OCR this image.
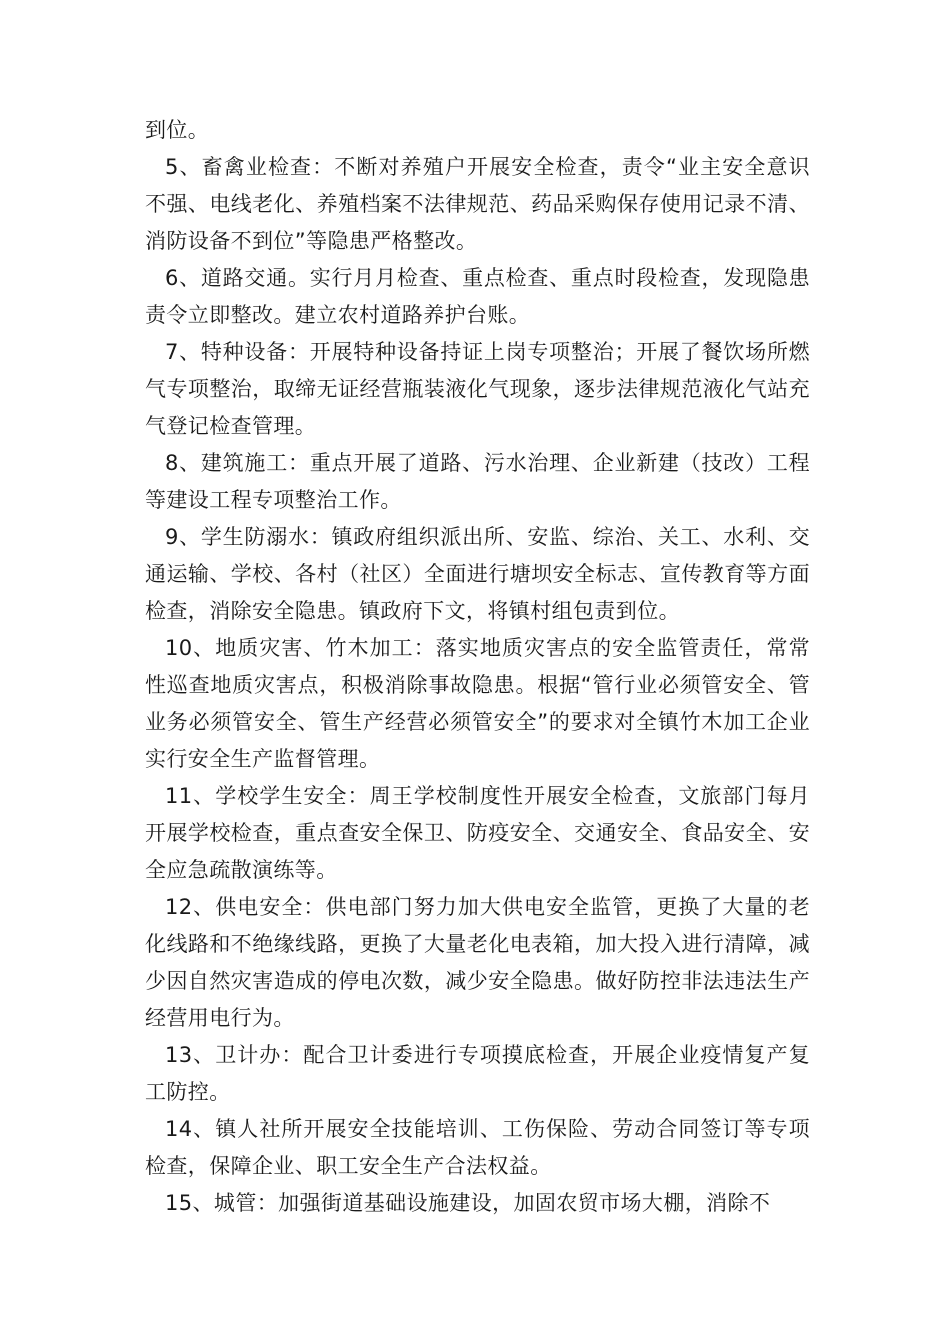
到位。

5、畜禽业检查：不断对养殖户开展安全检查，责令“业主安全意识不强、电线老化、养殖档案不法律规范、药品采购保存使用记录不清、消防设备不到位”等隐患严格整改。

6、道路交通。实行月月检查、重点检查、重点时段检查，发现隐患责令立即整改。建立农村道路养护台账。

7、特种设备：开展特种设备持证上岗专项整治；开展了餐饮场所燃气专项整治，取缔无证经营瓶装液化气现象，逐步法律规范液化气站充气登记检查管理。

8、建筑施工：重点开展了道路、污水治理、企业新建（技改）工程等建设工程专项整治工作。

9、学生防溺水：镇政府组织派出所、安监、综治、关工、水利、交通运输、学校、各村（社区）全面进行塘坝安全标志、宣传教育等方面检查，消除安全隐患。镇政府下文，将镇村组包责到位。

10、地质灾害、竹木加工：落实地质灾害点的安全监管责任，常常性巡查地质灾害点，积极消除事故隐患。根据“管行业必须管安全、管业务必须管安全、管生产经营必须管安全”的要求对全镇竹木加工企业实行安全生产监督管理。

11、学校学生安全：周王学校制度性开展安全检查，文旅部门每月开展学校检查，重点查安全保卫、防疫安全、交通安全、食品安全、安全应急疏散演练等。

12、供电安全：供电部门努力加大供电安全监管，更换了大量的老化线路和不绝缘线路，更换了大量老化电表箱，加大投入进行清障，减少因自然灾害造成的停电次数，减少安全隐患。做好防控非法违法生产经营用电行为。

13、卫计办：配合卫计委进行专项摸底检查，开展企业疫情复产复工防控。

14、镇人社所开展安全技能培训、工伤保险、劳动合同签订等专项检查，保障企业、职工安全生产合法权益。

15、城管：加强街道基础设施建设，加固农贸市场大棚，消除不
